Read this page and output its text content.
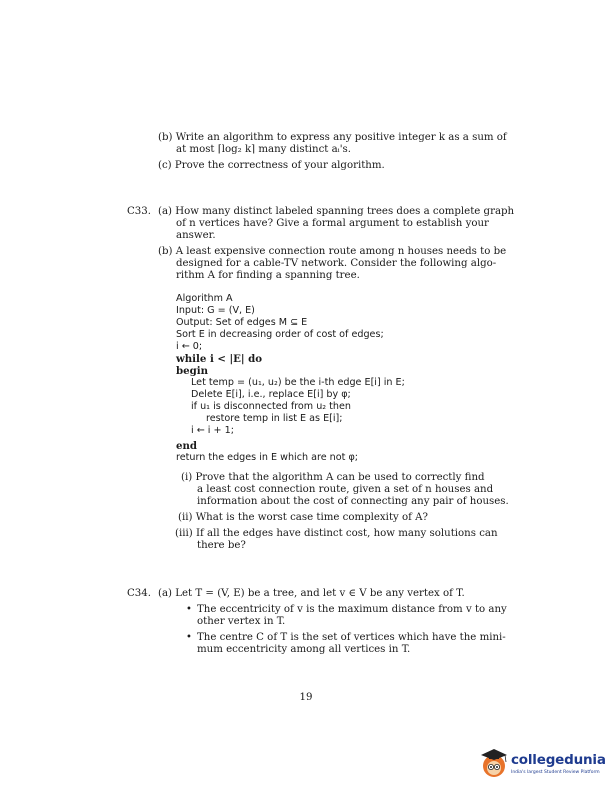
(b) Write an algorithm to express any positive integer k as a sum of
at most ⌈log₂ k⌉ many distinct aᵢ's.
(c) Prove the correctness of your algorithm.
C33. (a) How many distinct labeled spanning trees does a complete graph
of n vertices have? Give a formal argument to establish your
answer.
(b) A least expensive connection route among n houses needs to be
designed for a cable-TV network. Consider the following algo-
rithm A for finding a spanning tree.
Algorithm A
Input: G = (V, E)
Output: Set of edges M ⊆ E
Sort E in decreasing order of cost of edges;
i ← 0;
while i < |E| do
begin
Let temp = (u₁, u₂) be the i-th edge E[i] in E;
Delete E[i], i.e., replace E[i] by φ;
if u₁ is disconnected from u₂ then
restore temp in list E as E[i];
i ← i + 1;
end
return the edges in E which are not φ;
(i) Prove that the algorithm A can be used to correctly find
a least cost connection route, given a set of n houses and
information about the cost of connecting any pair of houses.
(ii) What is the worst case time complexity of A?
(iii) If all the edges have distinct cost, how many solutions can
there be?
C34. (a) Let T = (V, E) be a tree, and let v ∈ V be any vertex of T.
• The eccentricity of v is the maximum distance from v to any
other vertex in T.
• The centre C of T is the set of vertices which have the mini-
mum eccentricity among all vertices in T.
19
collegedunia
India's largest Student Review Platform
